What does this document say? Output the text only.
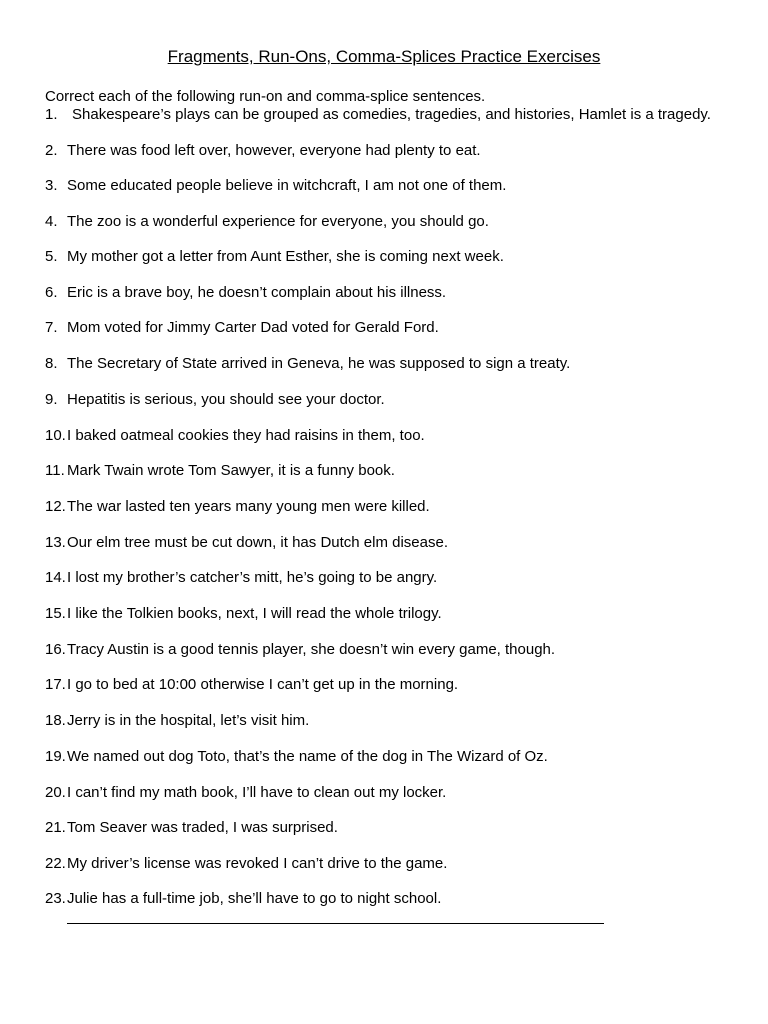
Fragments, Run-Ons, Comma-Splices Practice Exercises
Correct each of the following run-on and comma-splice sentences.
1. Shakespeare’s plays can be grouped as comedies, tragedies, and histories, Hamlet is a tragedy.
2. There was food left over, however, everyone had plenty to eat.
3. Some educated people believe in witchcraft, I am not one of them.
4. The zoo is a wonderful experience for everyone, you should go.
5. My mother got a letter from Aunt Esther, she is coming next week.
6. Eric is a brave boy, he doesn’t complain about his illness.
7. Mom voted for Jimmy Carter Dad voted for Gerald Ford.
8. The Secretary of State arrived in Geneva, he was supposed to sign a treaty.
9. Hepatitis is serious, you should see your doctor.
10.I baked oatmeal cookies they had raisins in them, too.
11. Mark Twain wrote Tom Sawyer, it is a funny book.
12.The war lasted ten years many young men were killed.
13.Our elm tree must be cut down, it has Dutch elm disease.
14.I lost my brother’s catcher’s mitt, he’s going to be angry.
15.I like the Tolkien books, next, I will read the whole trilogy.
16.Tracy Austin is a good tennis player, she doesn’t win every game, though.
17.I go to bed at 10:00 otherwise I can’t get up in the morning.
18.Jerry is in the hospital, let’s visit him.
19.We named out dog Toto, that’s the name of the dog in The Wizard of Oz.
20.I can’t find my math book, I’ll have to clean out my locker.
21.Tom Seaver was traded, I was surprised.
22.My driver’s license was revoked I can’t drive to the game.
23.Julie has a full-time job, she’ll have to go to night school.
